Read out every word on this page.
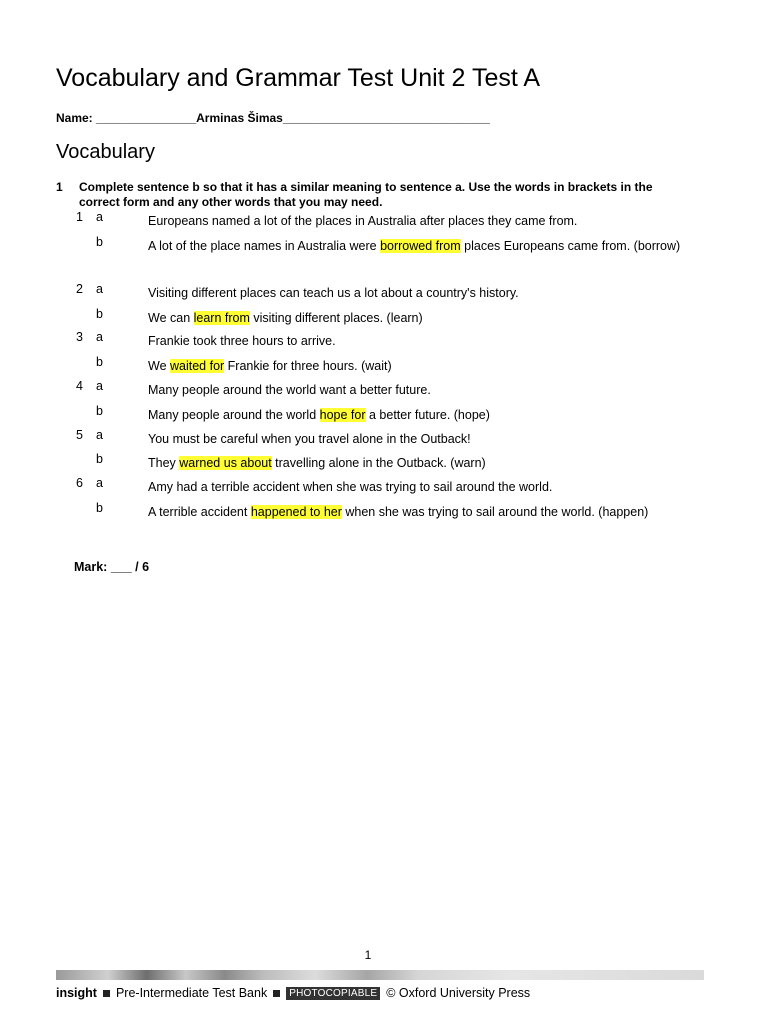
Vocabulary and Grammar Test Unit 2 Test A
Name: _______________Arminas Šimas_______________________________
Vocabulary
1 Complete sentence b so that it has a similar meaning to sentence a. Use the words in brackets in the correct form and any other words that you may need.
1 a	Europeans named a lot of the places in Australia after places they came from.
b	A lot of the place names in Australia were borrowed from places Europeans came from. (borrow)
2 a	Visiting different places can teach us a lot about a country's history.
b	We can learn from visiting different places. (learn)
3 a	Frankie took three hours to arrive.
b	We waited for Frankie for three hours. (wait)
4 a	Many people around the world want a better future.
b	Many people around the world hope for a better future. (hope)
5 a	You must be careful when you travel alone in the Outback!
b	They warned us about travelling alone in the Outback. (warn)
6 a	Amy had a terrible accident when she was trying to sail around the world.
b	A terrible accident happened to her when she was trying to sail around the world. (happen)
Mark: ___ / 6
1
insight Pre-Intermediate Test Bank	PHOTOCOPIABLE © Oxford University Press
